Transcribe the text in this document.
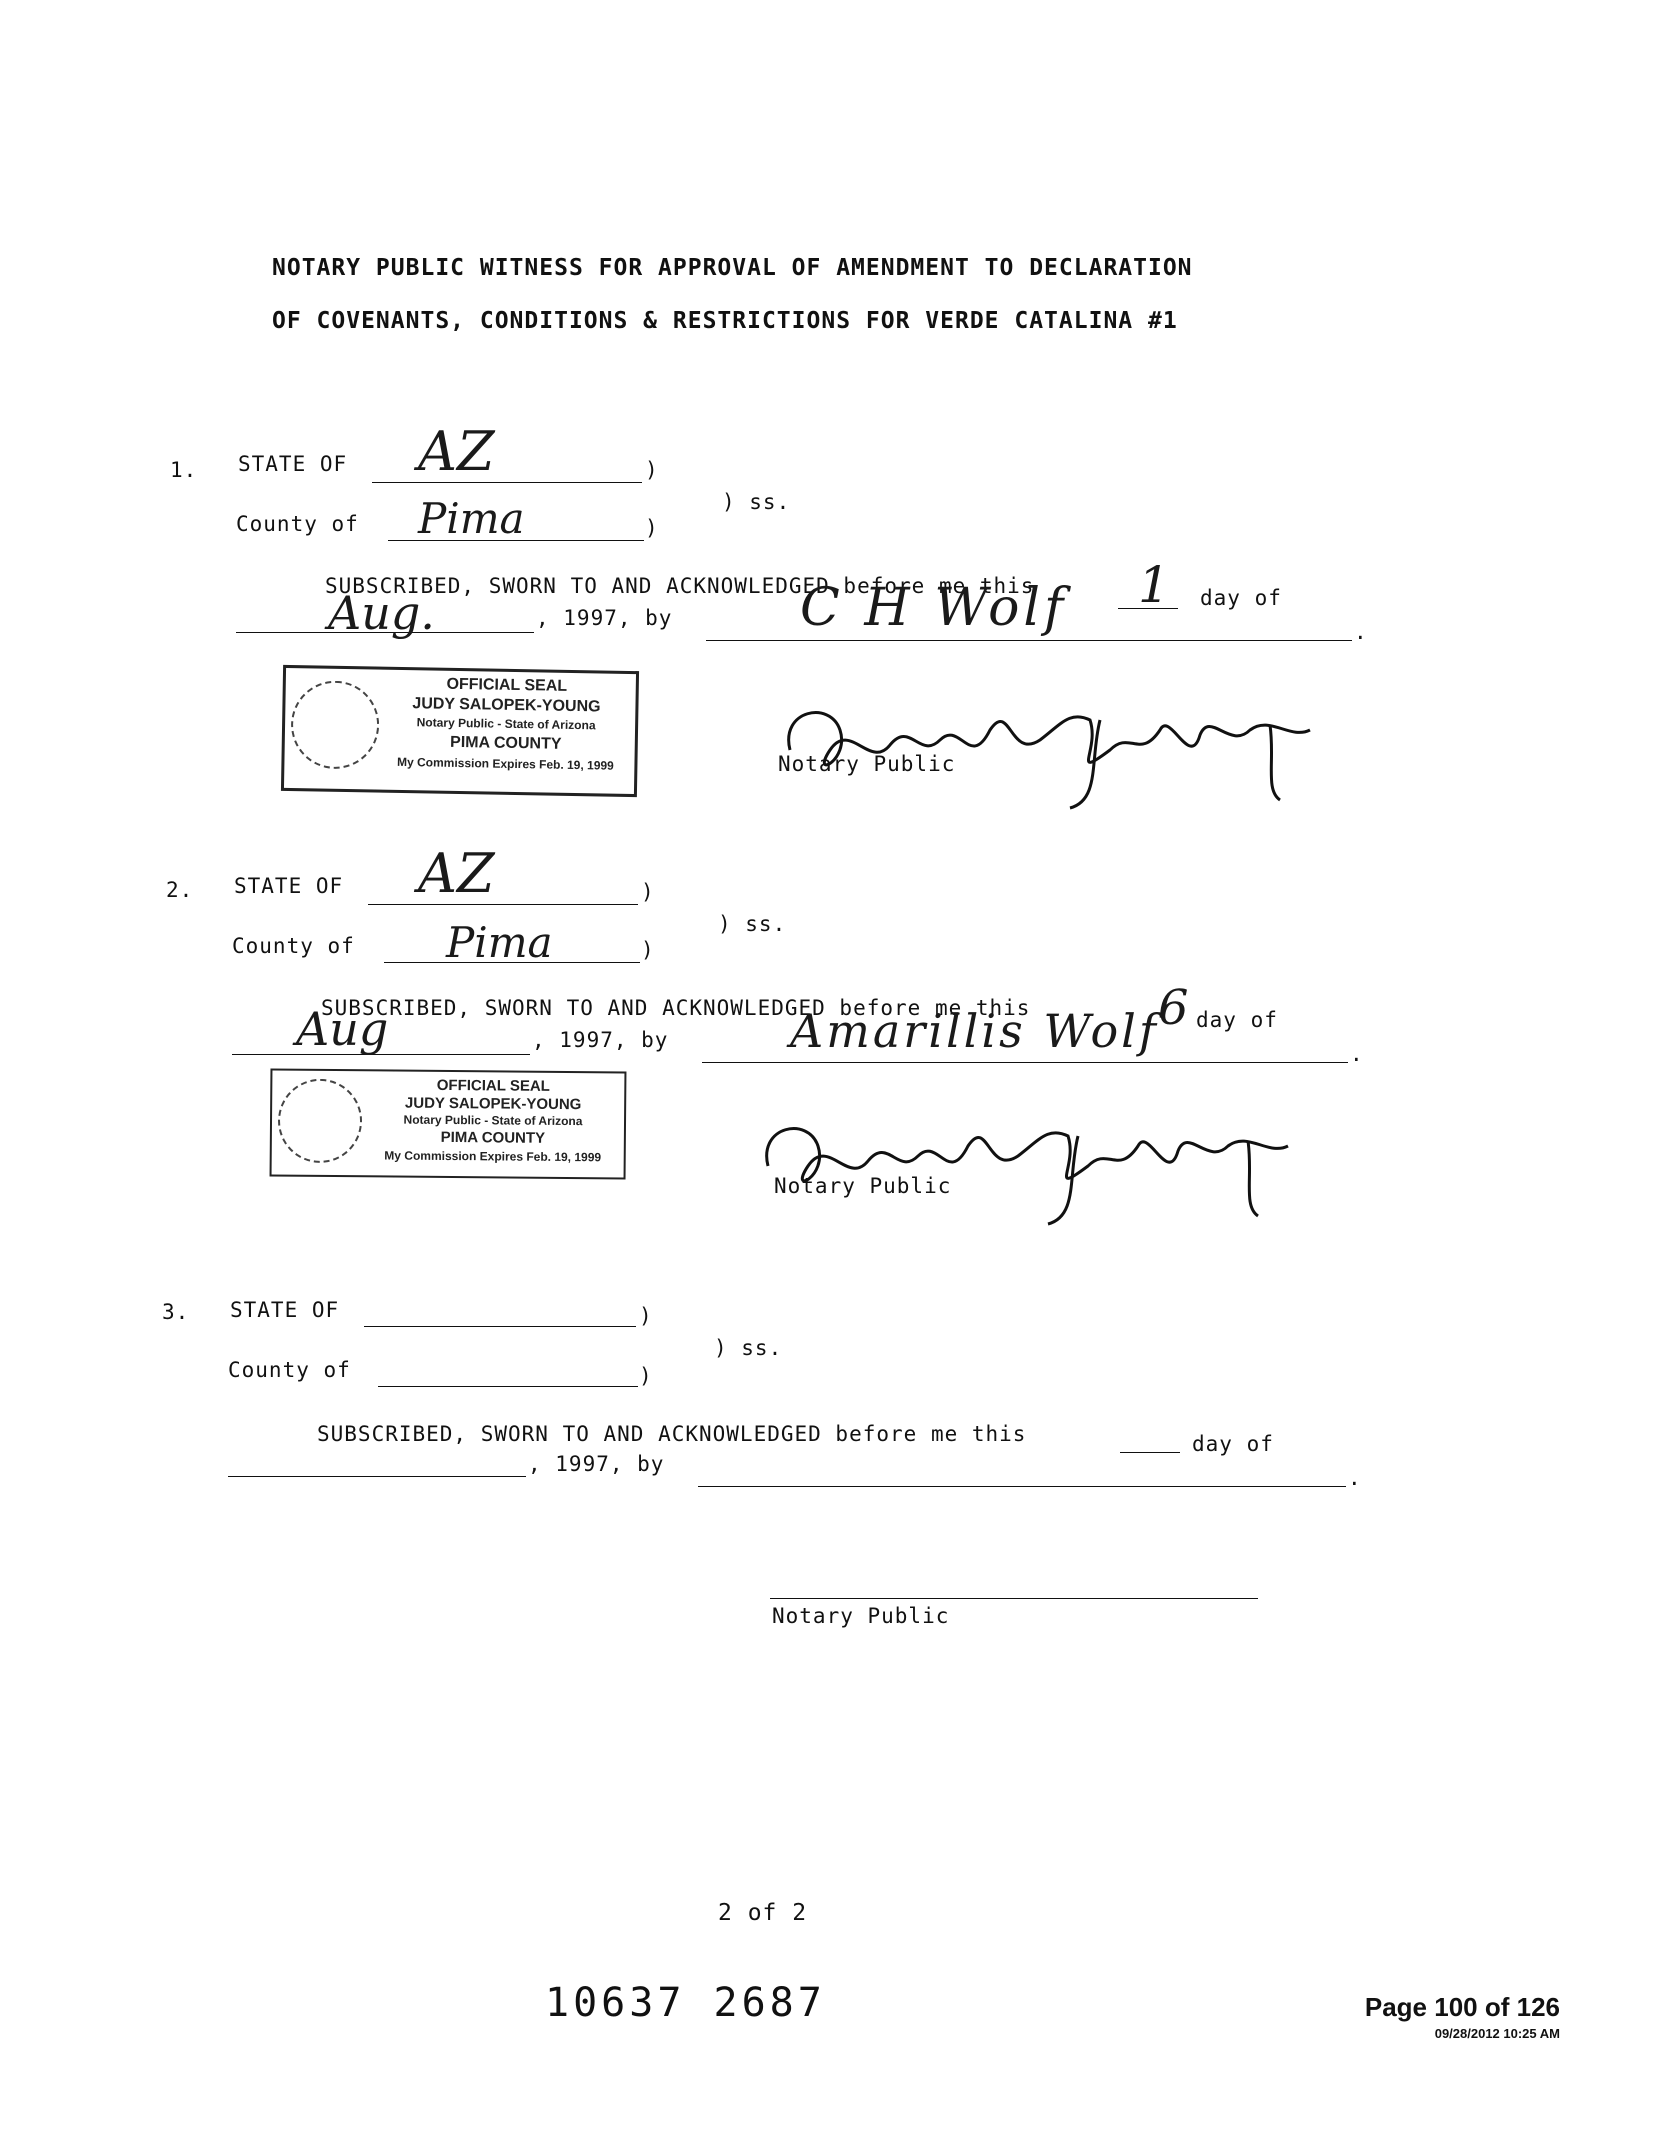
NOTARY PUBLIC WITNESS FOR APPROVAL OF AMENDMENT TO DECLARATION
OF COVENANTS, CONDITIONS & RESTRICTIONS FOR VERDE CATALINA #1
1. STATE OF AZ	)
) ss.
County of Pima	)
SUBSCRIBED, SWORN TO AND ACKNOWLEDGED before me this 1 day of
Aug.	, 1997, by C H Wolf	.
OFFICIAL SEAL
JUDY SALOPEK-YOUNG
Notary Public - State of Arizona
PIMA COUNTY
My Commission Expires Feb. 19, 1999	Notary Public
2. STATE OF AZ	)
) ss.
County of Pima	)
SUBSCRIBED, SWORN TO AND ACKNOWLEDGED before me this	6 day of
Aug	, 1997, by	Amarillis Wolf	.
OFFICIAL SEAL
JUDY SALOPEK-YOUNG
Notary Public - State of Arizona
PIMA COUNTY
My Commission Expires Feb. 19, 1999
Notary Public
3. STATE OF	)
) ss.
County of	)
SUBSCRIBED, SWORN TO AND ACKNOWLEDGED before me this	day of
, 1997, by
.
Notary Public
2 of 2
10637 2687	Page 100 of 126
09/28/2012 10:25 AM
